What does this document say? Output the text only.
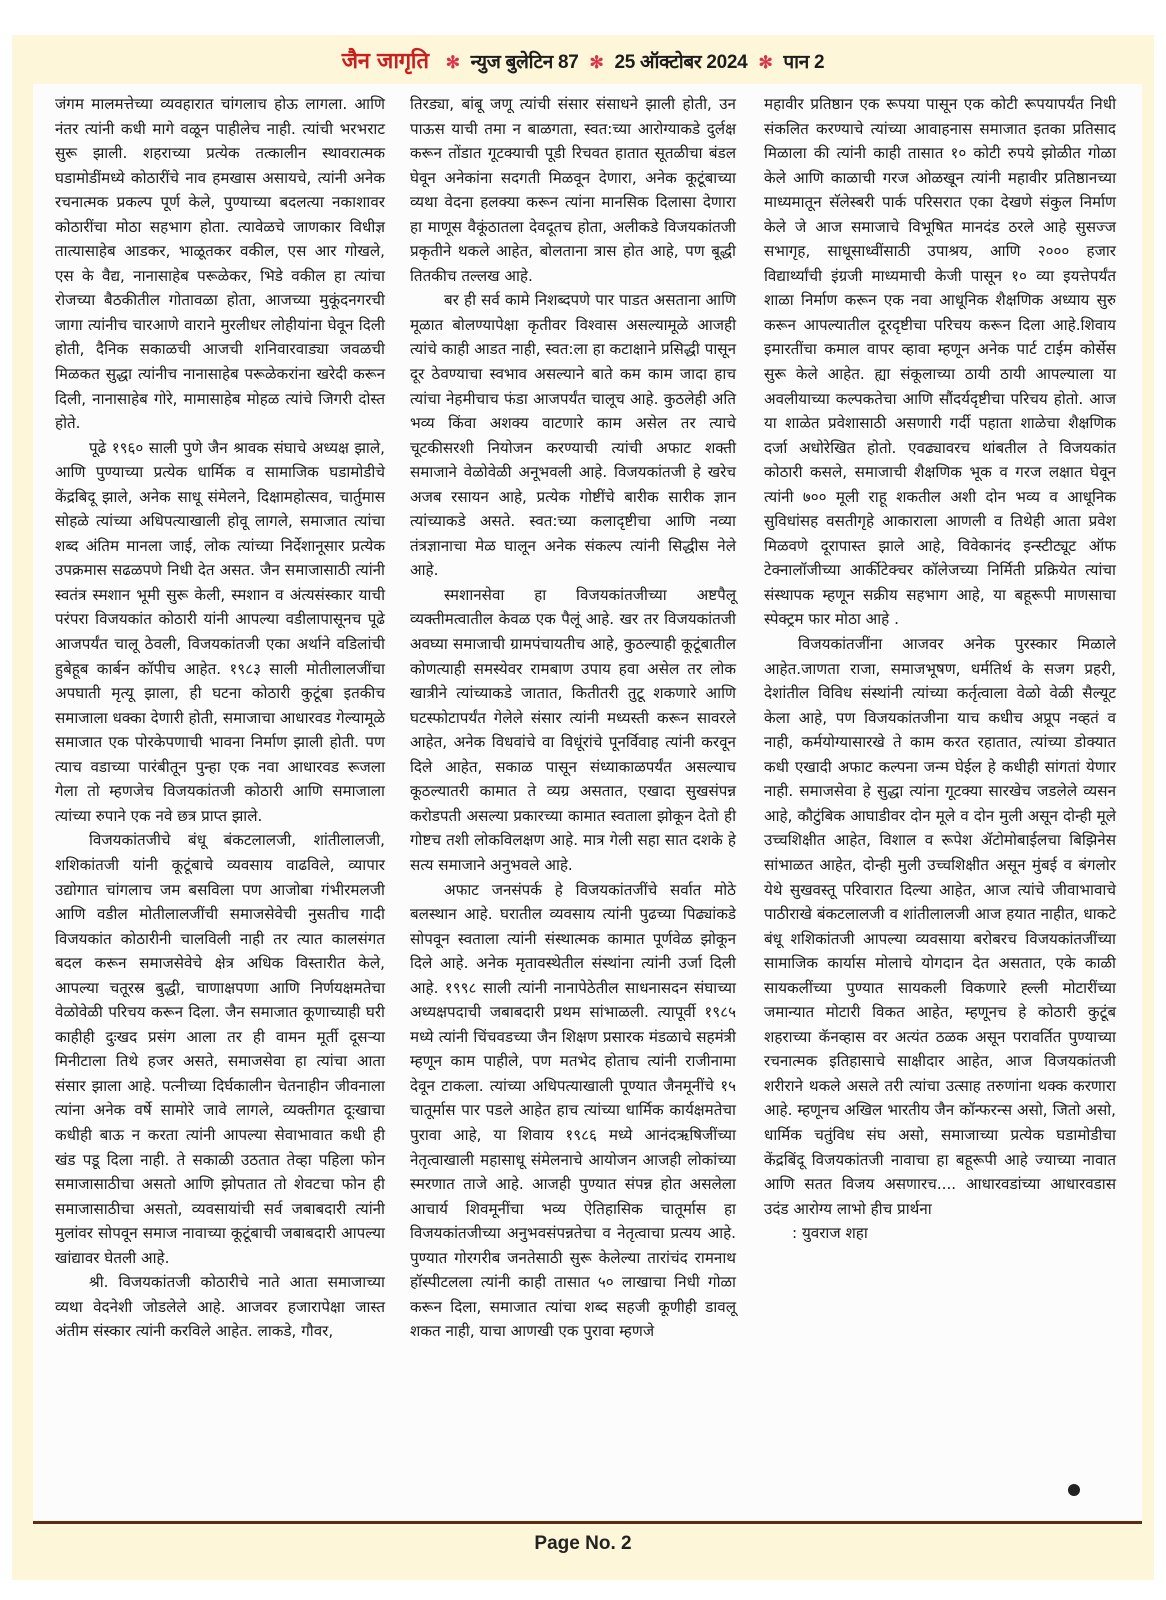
जैन जागृति ✻ न्युज बुलेटिन 87 ✻ 25 ऑक्टोबर 2024 ✻ पान 2

जंगम मालमत्तेच्या व्यवहारात चांगलाच होऊ लागला. आणि नंतर त्यांनी कधी मागे वळून पाहीलेच नाही. त्यांची भरभराट सुरू झाली. शहराच्या प्रत्येक तत्कालीन स्थावरात्मक घडामोडींमध्ये कोठारींचे नाव हमखास असायचे, त्यांनी अनेक रचनात्मक प्रकल्प पूर्ण केले, पुण्याच्या बदलत्या नकाशावर कोठारींचा मोठा सहभाग होता. त्यावेळचे जाणकार विधीज्ञ तात्यासाहेब आडकर, भाळूतकर वकील, एस आर गोखले, एस के वैद्य, नानासाहेब परूळेकर, भिडे वकील हा त्यांचा रोजच्या बैठकीतील गोतावळा होता, आजच्या मुकूंदनगरची जागा त्यांनीच चारआणे वाराने मुरलीधर लोहीयांना घेवून दिली होती, दैनिक सकाळची आजची शनिवारवाड्या जवळची मिळकत सुद्धा त्यांनीच नानासाहेब परूळेकरांना खरेदी करून दिली, नानासाहेब गोरे, मामासाहेब मोहळ त्यांचे जिगरी दोस्त होते.

पूढे १९६० साली पुणे जैन श्रावक संघाचे अध्यक्ष झाले, आणि पुण्याच्या प्रत्येक धार्मिक व सामाजिक घडामोडीचे केंद्रबिदू झाले, अनेक साधू संमेलने, दिक्षामहोत्सव, चार्तुमास सोहळे त्यांच्या अधिपत्याखाली होवू लागले, समाजात त्यांचा शब्द अंतिम मानला जाई, लोक त्यांच्या निर्देशानूसार प्रत्येक उपक्रमास सढळपणे निधी देत असत. जैन समाजासाठी त्यांनी स्वतंत्र स्मशान भूमी सुरू केली, स्मशान व अंत्यसंस्कार याची परंपरा विजयकांत कोठारी यांनी आपल्या वडीलापासूनच पूढे आजपर्यंत चालू ठेवली, विजयकांतजी एका अर्थाने वडिलांची हुबेहूब कार्बन कॉपीच आहेत. १९८३ साली मोतीलालजींचा अपघाती मृत्यू झाला, ही घटना कोठारी कुटूंबा इतकीच समाजाला धक्का देणारी होती, समाजाचा आधारवड गेल्यामूळे समाजात एक पोरकेपणाची भावना निर्माण झाली होती. पण त्याच वडाच्या पारंबीतून पुन्हा एक नवा आधारवड रूजला गेला तो म्हणजेच विजयकांतजी कोठारी आणि समाजाला त्यांच्या रुपाने एक नवे छत्र प्राप्त झाले.

विजयकांतजीचे बंधू बंकटलालजी, शांतीलालजी, शशिकांतजी यांनी कूटूंबाचे व्यवसाय वाढविले, व्यापार उद्योगात चांगलाच जम बसविला पण आजोबा गंभीरमलजी आणि वडील मोतीलालजींची समाजसेवेची नुसतीच गादी विजयकांत कोठारीनी चालविली नाही तर त्यात कालसंगत बदल करून समाजसेवेचे क्षेत्र अधिक विस्तारीत केले, आपल्या चतूरस्र बुद्धी, चाणाक्षपणा आणि निर्णयक्षमतेचा वेळोवेळी परिचय करून दिला. जैन समाजात कूणाच्याही घरी काहीही दुःखद प्रसंग आला तर ही वामन मूर्ती दूसऱ्या मिनीटाला तिथे हजर असते, समाजसेवा हा त्यांचा आता संसार झाला आहे. पत्नीच्या दिर्घकालीन चेतनाहीन जीवनाला त्यांना अनेक वर्षे सामोरे जावे लागले, व्यक्तीगत दूःखाचा कधीही बाऊ न करता त्यांनी आपल्या सेवाभावात कधी ही खंड पडू दिला नाही. ते सकाळी उठतात तेव्हा पहिला फोन समाजासाठीचा असतो आणि झोपतात तो शेवटचा फोन ही समाजासाठीचा असतो, व्यवसायांची सर्व जबाबदारी त्यांनी मुलांवर सोपवून समाज नावाच्या कूटूंबाची जबाबदारी आपल्या खांद्यावर घेतली आहे.

श्री. विजयकांतजी कोठारीचे नाते आता समाजाच्या व्यथा वेदनेशी जोडलेले आहे. आजवर हजारापेक्षा जास्त अंतीम संस्कार त्यांनी करविले आहेत. लाकडे, गौवर,

तिरड्या, बांबू जणू त्यांची संसार संसाधने झाली होती, उन पाऊस याची तमा न बाळगता, स्वत:च्या आरोग्याकडे दुर्लक्ष करून तोंडात गूटक्याची पूडी रिचवत हातात सूतळीचा बंडल घेवून अनेकांना सदगती मिळवून देणारा, अनेक कूटूंबाच्या व्यथा वेदना हलक्या करून त्यांना मानसिक दिलासा देणारा हा माणूस वैकूंठातला देवदूतच होता, अलीकडे विजयकांतजी प्रकृतीने थकले आहेत, बोलताना त्रास होत आहे, पण बूद्धी तितकीच तल्लख आहे.

बर ही सर्व कामे निशब्दपणे पार पाडत असताना आणि मूळात बोलण्यापेक्षा कृतीवर विश्वास असल्यामूळे आजही त्यांचे काही आडत नाही, स्वत:ला हा कटाक्षाने प्रसिद्धी पासून दूर ठेवण्याचा स्वभाव असल्याने बाते कम काम जादा हाच त्यांचा नेहमीचाच फंडा आजपर्यंत चालूच आहे. कुठलेही अति भव्य किंवा अशक्य वाटणारे काम असेल तर त्याचे चूटकीसरशी नियोजन करण्याची त्यांची अफाट शक्ती समाजाने वेळोवेळी अनूभवली आहे. विजयकांतजी हे खरेच अजब रसायन आहे, प्रत्येक गोष्टींचे बारीक सारीक ज्ञान त्यांच्याकडे असते. स्वत:च्या कलादृष्टीचा आणि नव्या तंत्रज्ञानाचा मेळ घालून अनेक संकल्प त्यांनी सिद्धीस नेले आहे.

स्मशानसेवा हा विजयकांतजीच्या अष्टपैलू व्यक्तीमत्वातील केवळ एक पैलूं आहे. खर तर विजयकांतजी अवघ्या समाजाची ग्रामपंचायतीच आहे, कुठल्याही कूटूंबातील कोणत्याही समस्येवर रामबाण उपाय हवा असेल तर लोक खात्रीने त्यांच्याकडे जातात, कितीतरी तुटू शकणारे आणि घटस्फोटापर्यंत गेलेले संसार त्यांनी मध्यस्ती करून सावरले आहेत, अनेक विधवांचे वा विधूंरांचे पूनर्विवाह त्यांनी करवून दिले आहेत, सकाळ पासून संध्याकाळपर्यंत असल्याच कूठल्यातरी कामात ते व्यग्र असतात, एखादा सुखसंपन्न करोडपती असल्या प्रकारच्या कामात स्वताला झोकून देतो ही गोष्टच तशी लोकविलक्षण आहे. मात्र गेली सहा सात दशके हे सत्य समाजाने अनुभवले आहे.

अफाट जनसंपर्क हे विजयकांतजींचे सर्वात मोठे बलस्थान आहे. घरातील व्यवसाय त्यांनी पुढच्या पिढ्यांकडे सोपवून स्वताला त्यांनी संस्थात्मक कामात पूर्णवेळ झोकून दिले आहे. अनेक मृतावस्थेतील संस्थांना त्यांनी उर्जा दिली आहे. १९९८ साली त्यांनी नानापेठेतील साधनासदन संघाच्या अध्यक्षपदाची जबाबदारी प्रथम सांभाळली. त्यापूर्वी १९८५ मध्ये त्यांनी चिंचवडच्या जैन शिक्षण प्रसारक मंडळाचे सहमंत्री म्हणून काम पाहीले, पण मतभेद होताच त्यांनी राजीनामा देवून टाकला. त्यांच्या अधिपत्याखाली पूण्यात जैनमूनींचे १५ चातूर्मास पार पडले आहेत हाच त्यांच्या धार्मिक कार्यक्षमतेचा पुरावा आहे, या शिवाय १९८६ मध्ये आनंदऋषिजींच्या नेतृत्वाखाली महासाधू संमेलनाचे आयोजन आजही लोकांच्या स्मरणात ताजे आहे. आजही पुण्यात संपन्न होत असलेला आचार्य शिवमूनींचा भव्य ऐतिहासिक चातूर्मास हा विजयकांतजीच्या अनुभवसंपन्नतेचा व नेतृत्वाचा प्रत्यय आहे. पुण्यात गोरगरीब जनतेसाठी सुरू केलेल्या तारांचंद रामनाथ हॉस्पीटलला त्यांनी काही तासात ५० लाखाचा निधी गोळा करून दिला, समाजात त्यांचा शब्द सहजी कूणीही डावलू शकत नाही, याचा आणखी एक पुरावा म्हणजे

महावीर प्रतिष्ठान एक रूपया पासून एक कोटी रूपयापर्यंत निधी संकलित करण्याचे त्यांच्या आवाहनास समाजात इतका प्रतिसाद मिळाला की त्यांनी काही तासात १० कोटी रुपये झोळीत गोळा केले आणि काळाची गरज ओळखून त्यांनी महावीर प्रतिष्ठानच्या माध्यमातून सॅलेस्बरी पार्क परिसरात एका देखणे संकुल निर्माण केले जे आज समाजाचे विभूषित मानदंड ठरले आहे सुसज्ज सभागृह, साधूसाध्वींसाठी उपाश्रय, आणि २००० हजार विद्यार्थ्यांची इंग्रजी माध्यमाची केजी पासून १० व्या इयत्तेपर्यंत शाळा निर्माण करून एक नवा आधूनिक शैक्षणिक अध्याय सुरु करून आपल्यातील दूरदृष्टीचा परिचय करून दिला आहे.शिवाय इमारतींचा कमाल वापर व्हावा म्हणून अनेक पार्ट टाईम कोर्सेस सुरू केले आहेत. ह्या संकूलाच्या ठायी ठायी आपल्याला या अवलीयाच्या कल्पकतेचा आणि सौंदर्यदृष्टीचा परिचय होतो. आज या शाळेत प्रवेशासाठी असणारी गर्दी पहाता शाळेचा शैक्षणिक दर्जा अधोरेखित होतो. एवढ्यावरच थांबतील ते विजयकांत कोठारी कसले, समाजाची शैक्षणिक भूक व गरज लक्षात घेवून त्यांनी ७०० मूली राहू शकतील अशी दोन भव्य व आधूनिक सुविधांसह वसतीगृहे आकाराला आणली व तिथेही आता प्रवेश मिळवणे दूरापास्त झाले आहे, विवेकानंद इन्स्टीट्यूट ऑफ टेक्नालॉजीच्या आर्कीटेक्चर कॉलेजच्या निर्मिती प्रक्रियेत त्यांचा संस्थापक म्हणून सक्रीय सहभाग आहे, या बहूरूपी माणसाचा स्पेक्ट्रम फार मोठा आहे .

विजयकांतजींना आजवर अनेक पुरस्कार मिळाले आहेत.जाणता राजा, समाजभूषण, धर्मतिर्थ के सजग प्रहरी, देशांतील विविध संस्थांनी त्यांच्या कर्तृत्वाला वेळो वेळी सैल्यूट केला आहे, पण विजयकांतजीना याच कधीच अप्रूप नव्हतं व नाही, कर्मयोग्यासारखे ते काम करत रहातात, त्यांच्या डोक्यात कधी एखादी अफाट कल्पना जन्म घेईल हे कधीही सांगतां येणार नाही. समाजसेवा हे सुद्धा त्यांना गूटक्या सारखेच जडलेले व्यसन आहे, कौटुंबिक आघाडीवर दोन मूले व दोन मुली असून दोन्ही मूले उच्चशिक्षीत आहेत, विशाल व रूपेश ॲटोमोबाईलचा बिझिनेस सांभाळत आहेत, दोन्ही मुली उच्चशिक्षीत असून मुंबई व बंगलोर येथे सुखवस्तू परिवारात दिल्या आहेत, आज त्यांचे जीवाभावाचे पाठीराखे बंकटलालजी व शांतीलालजी आज हयात नाहीत, धाकटे बंधू शशिकांतजी आपल्या व्यवसाया बरोबरच विजयकांतजींच्या सामाजिक कार्यास मोलाचे योगदान देत असतात, एके काळी सायकलींच्या पुण्यात सायकली विकणारे ह्ल्ली मोटारींच्या जमान्यात मोटारी विकत आहेत, म्हणूनच हे कोठारी कुटूंब शहराच्या कॅनव्हास वर अत्यंत ठळक असून परावर्तित पुण्याच्या रचनात्मक इतिहासाचे साक्षीदार आहेत, आज विजयकांतजी शरीराने थकले असले तरी त्यांचा उत्साह तरुणांना थक्क करणारा आहे. म्हणूनच अखिल भारतीय जैन कॉन्फरन्स असो, जितो असो, धार्मिक चतुंविध संघ असो, समाजाच्या प्रत्येक घडामोडीचा केंद्रबिंदू विजयकांतजी नावाचा हा बहूरूपी आहे ज्याच्या नावात आणि सतत विजय असणारच.... आधारवडांच्या आधारवडास उदंड आरोग्य लाभो हीच प्रार्थना

: युवराज शहा

Page No. 2
